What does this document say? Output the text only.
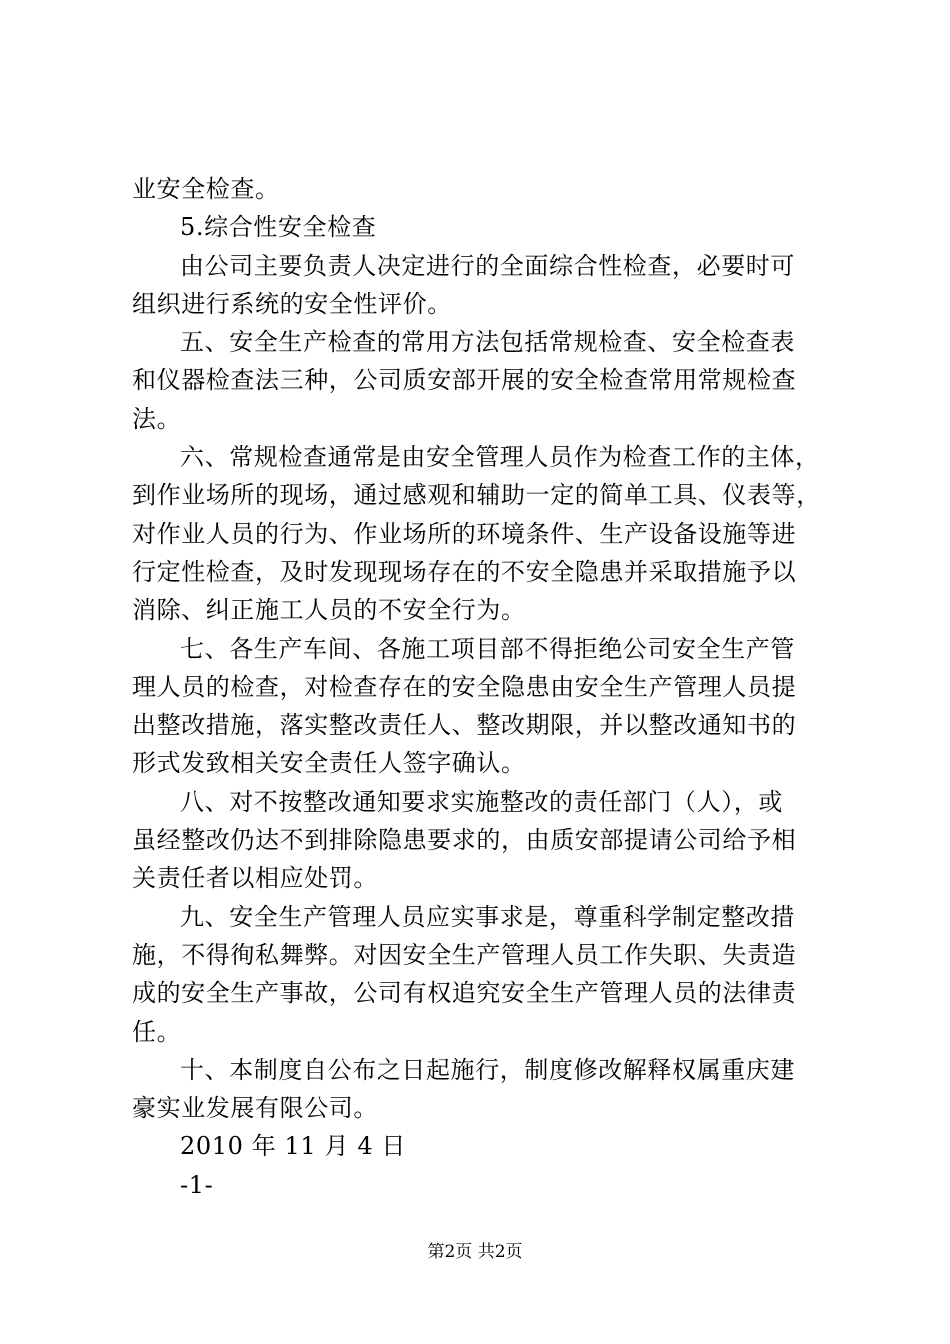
业安全检查。
5.综合性安全检查
由公司主要负责人决定进行的全面综合性检查，必要时可
组织进行系统的安全性评价。
五、安全生产检查的常用方法包括常规检查、安全检查表
和仪器检查法三种，公司质安部开展的安全检查常用常规检查
法。
六、常规检查通常是由安全管理人员作为检查工作的主体，
到作业场所的现场，通过感观和辅助一定的简单工具、仪表等，
对作业人员的行为、作业场所的环境条件、生产设备设施等进
行定性检查，及时发现现场存在的不安全隐患并采取措施予以
消除、纠正施工人员的不安全行为。
七、各生产车间、各施工项目部不得拒绝公司安全生产管
理人员的检查，对检查存在的安全隐患由安全生产管理人员提
出整改措施，落实整改责任人、整改期限，并以整改通知书的
形式发致相关安全责任人签字确认。
八、对不按整改通知要求实施整改的责任部门（人），或
虽经整改仍达不到排除隐患要求的，由质安部提请公司给予相
关责任者以相应处罚。
九、安全生产管理人员应实事求是，尊重科学制定整改措
施，不得徇私舞弊。对因安全生产管理人员工作失职、失责造
成的安全生产事故，公司有权追究安全生产管理人员的法律责
任。
十、本制度自公布之日起施行，制度修改解释权属重庆建
豪实业发展有限公司。
2010 年 11 月 4 日
-1-
第2页 共2页
